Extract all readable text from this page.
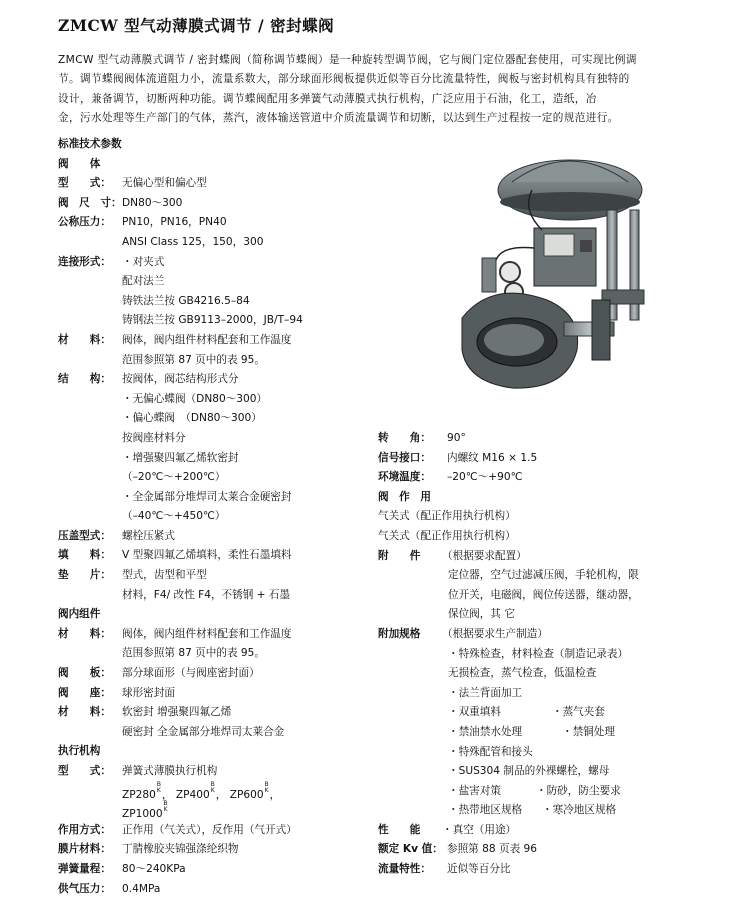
ZMCW 型气动薄膜式调节 / 密封蝶阀

ZMCW 型气动薄膜式调节 / 密封蝶阀（简称调节蝶阀）是一种旋转型调节阀，它与阀门定位器配套使用，可实现比例调

节。调节蝶阀阀体流道阻力小，流量系数大，部分球面形阀板提供近似等百分比流量特性，阀板与密封机构具有独特的

设计，兼备调节，切断两种功能。调节蝶阀配用多弹簧气动薄膜式执行机构，广泛应用于石油，化工，造纸，冶

金，污水处理等生产部门的气体，蒸汽，液体输送管道中介质流量调节和切断，以达到生产过程按一定的规范进行。

标准技术参数
阀　　体
型　　式： 无偏心型和偏心型
阀　尺　寸： DN80～300
公称压力： PN10，PN16，PN40
ANSI Class 125，150，300
连接形式： ・对夹式
配对法兰
铸铁法兰按 GB4216.5–84
铸钢法兰按 GB9113–2000，JB/T–94
材　　料： 阀体，阀内组件材料配套和工作温度
范围参照第 87 页中的表 95。
结　　构： 按阀体，阀芯结构形式分
・无偏心蝶阀（DN80～300）
・偏心蝶阀　（DN80～300）
按阀座材料分
・增强聚四氟乙烯软密封
（–20℃～+200℃）
・全金属部分堆焊司太莱合金硬密封
（–40℃～+450℃）
压盖型式： 螺栓压紧式
填　　料： V 型聚四氟乙烯填料，柔性石墨填料
垫　　片： 型式，齿型和平型
材料，F4/ 改性 F4，不锈钢 + 石墨
阀内组件
材　　料： 阀体，阀内组件材料配套和工作温度
范围参照第 87 页中的表 95。
阀　　板： 部分球面形（与阀座密封面）
阀　　座： 球形密封面
材　　料： 软密封 增强聚四氟乙烯
硬密封 全金属部分堆焊司太莱合金
执行机构
型　　式： 弹簧式薄膜执行机构
ZP280B
K， ZP400B
K， ZP600B
K，
ZP1000B
K
作用方式： 正作用（气关式），反作用（气开式）
膜片材料： 丁腈橡胶夹锦强涤纶织物
弹簧量程： 80～240KPa
供气压力： 0.4MPa
转　　角： 90°
信号接口： 内螺纹 M16 × 1.5
环境温度： –20℃～+90℃
阀　作　用
气关式（配正作用执行机构）
气关式（配正作用执行机构）
附　　件 （根据要求配置）
定位器，空气过滤减压阀，手轮机构，限
位开关，电磁阀，阀位传送器，继动器，
保位阀，其 它
附加规格 （根据要求生产制造）
・特殊检查，材料检查（制造记录表）
无损检查，蒸气检查，低温检查
・法兰背面加工
・双重填料	・蒸气夹套
・禁油禁水处理	・禁铜处理
・特殊配管和接头
・SUS304 制品的外裸螺栓，螺母
・盐害对策	・防砂，防尘要求
・热带地区规格 ・寒冷地区规格
性　　能 ・真空（用途）
额定 Kv 值： 参照第 88 页表 96
流量特性： 近似等百分比
